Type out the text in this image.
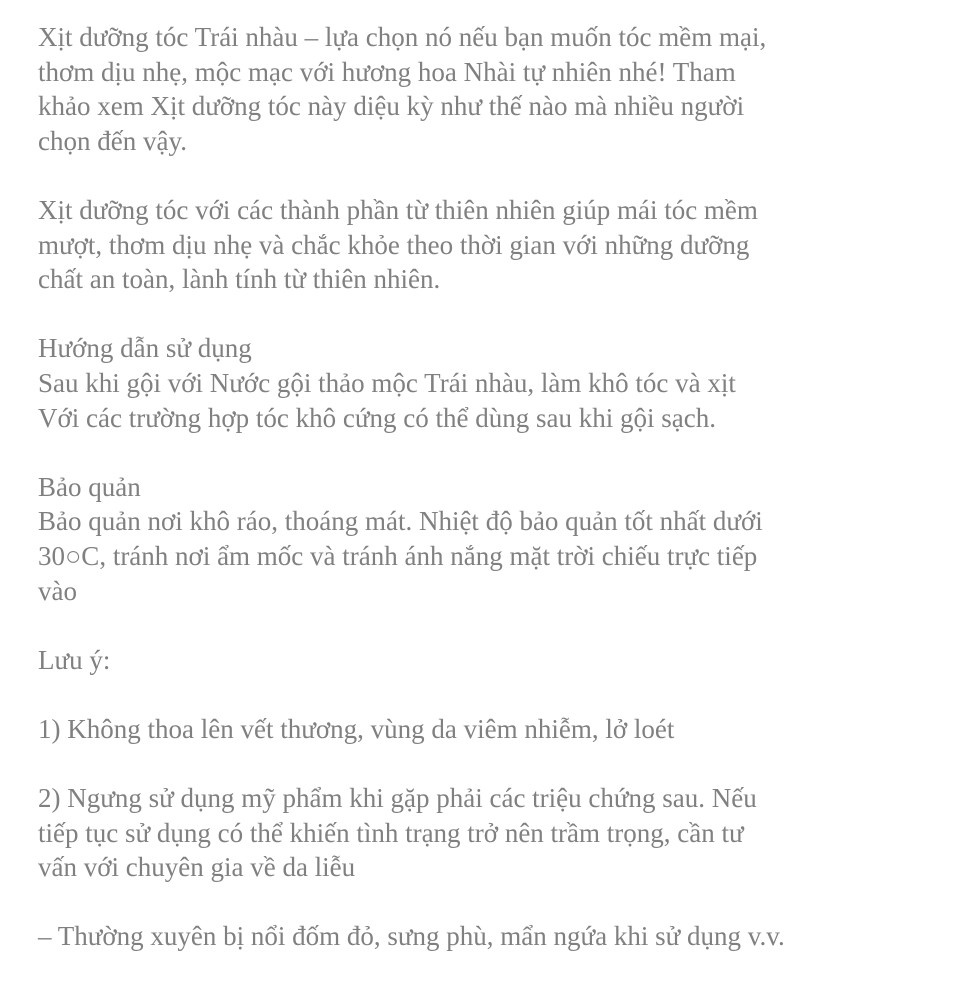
Xịt dưỡng tóc Trái nhàu – lựa chọn nó nếu bạn muốn tóc mềm mại,
thơm dịu nhẹ, mộc mạc với hương hoa Nhài tự nhiên nhé! Tham
khảo xem Xịt dưỡng tóc này diệu kỳ như thế nào mà nhiều người
chọn đến vậy.

Xịt dưỡng tóc với các thành phần từ thiên nhiên giúp mái tóc mềm
mượt, thơm dịu nhẹ và chắc khỏe theo thời gian với những dưỡng
chất an toàn, lành tính từ thiên nhiên.

Hướng dẫn sử dụng
Sau khi gội với Nước gội thảo mộc Trái nhàu, làm khô tóc và xịt
Với các trường hợp tóc khô cứng có thể dùng sau khi gội sạch.

Bảo quản
Bảo quản nơi khô ráo, thoáng mát. Nhiệt độ bảo quản tốt nhất dưới
30○C, tránh nơi ẩm mốc và tránh ánh nắng mặt trời chiếu trực tiếp
vào

Lưu ý:

1) Không thoa lên vết thương, vùng da viêm nhiễm, lở loét

2) Ngưng sử dụng mỹ phẩm khi gặp phải các triệu chứng sau. Nếu
tiếp tục sử dụng có thể khiến tình trạng trở nên trầm trọng, cần tư
vấn với chuyên gia về da liễu

– Thường xuyên bị nổi đốm đỏ, sưng phù, mẩn ngứa khi sử dụng v.v.
